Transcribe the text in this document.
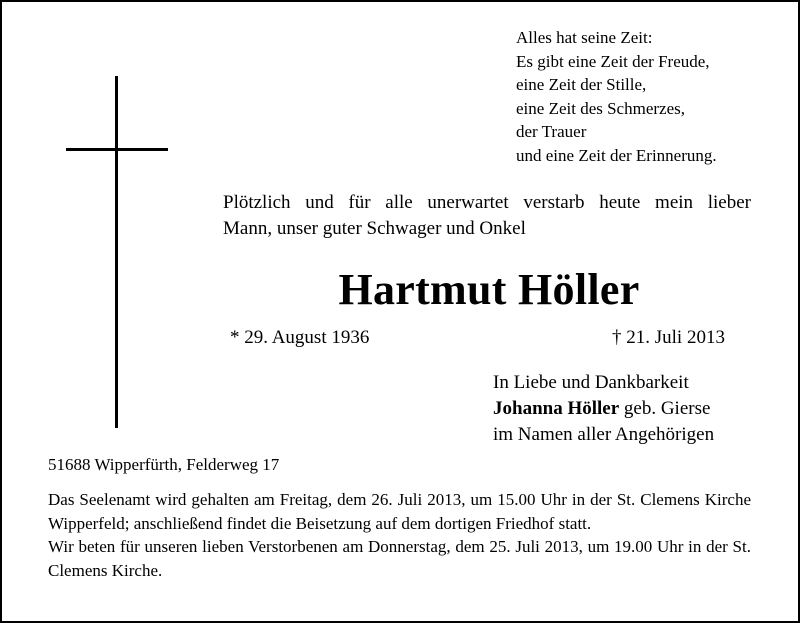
Alles hat seine Zeit:
Es gibt eine Zeit der Freude,
eine Zeit der Stille,
eine Zeit des Schmerzes,
der Trauer
und eine Zeit der Erinnerung.
Plötzlich und für alle unerwartet verstarb heute mein lieber
Mann, unser guter Schwager und Onkel
Hartmut Höller
* 29. August 1936	† 21. Juli 2013
In Liebe und Dankbarkeit
Johanna Höller geb. Gierse
im Namen aller Angehörigen
51688 Wipperfürth, Felderweg 17

Das Seelenamt wird gehalten am Freitag, dem 26. Juli 2013, um 15.00 Uhr in der St. Clemens Kirche Wipperfeld; anschließend findet die Beisetzung auf dem dortigen Friedhof statt.

Wir beten für unseren lieben Verstorbenen am Donnerstag, dem 25. Juli 2013, um 19.00 Uhr in der St. Clemens Kirche.
